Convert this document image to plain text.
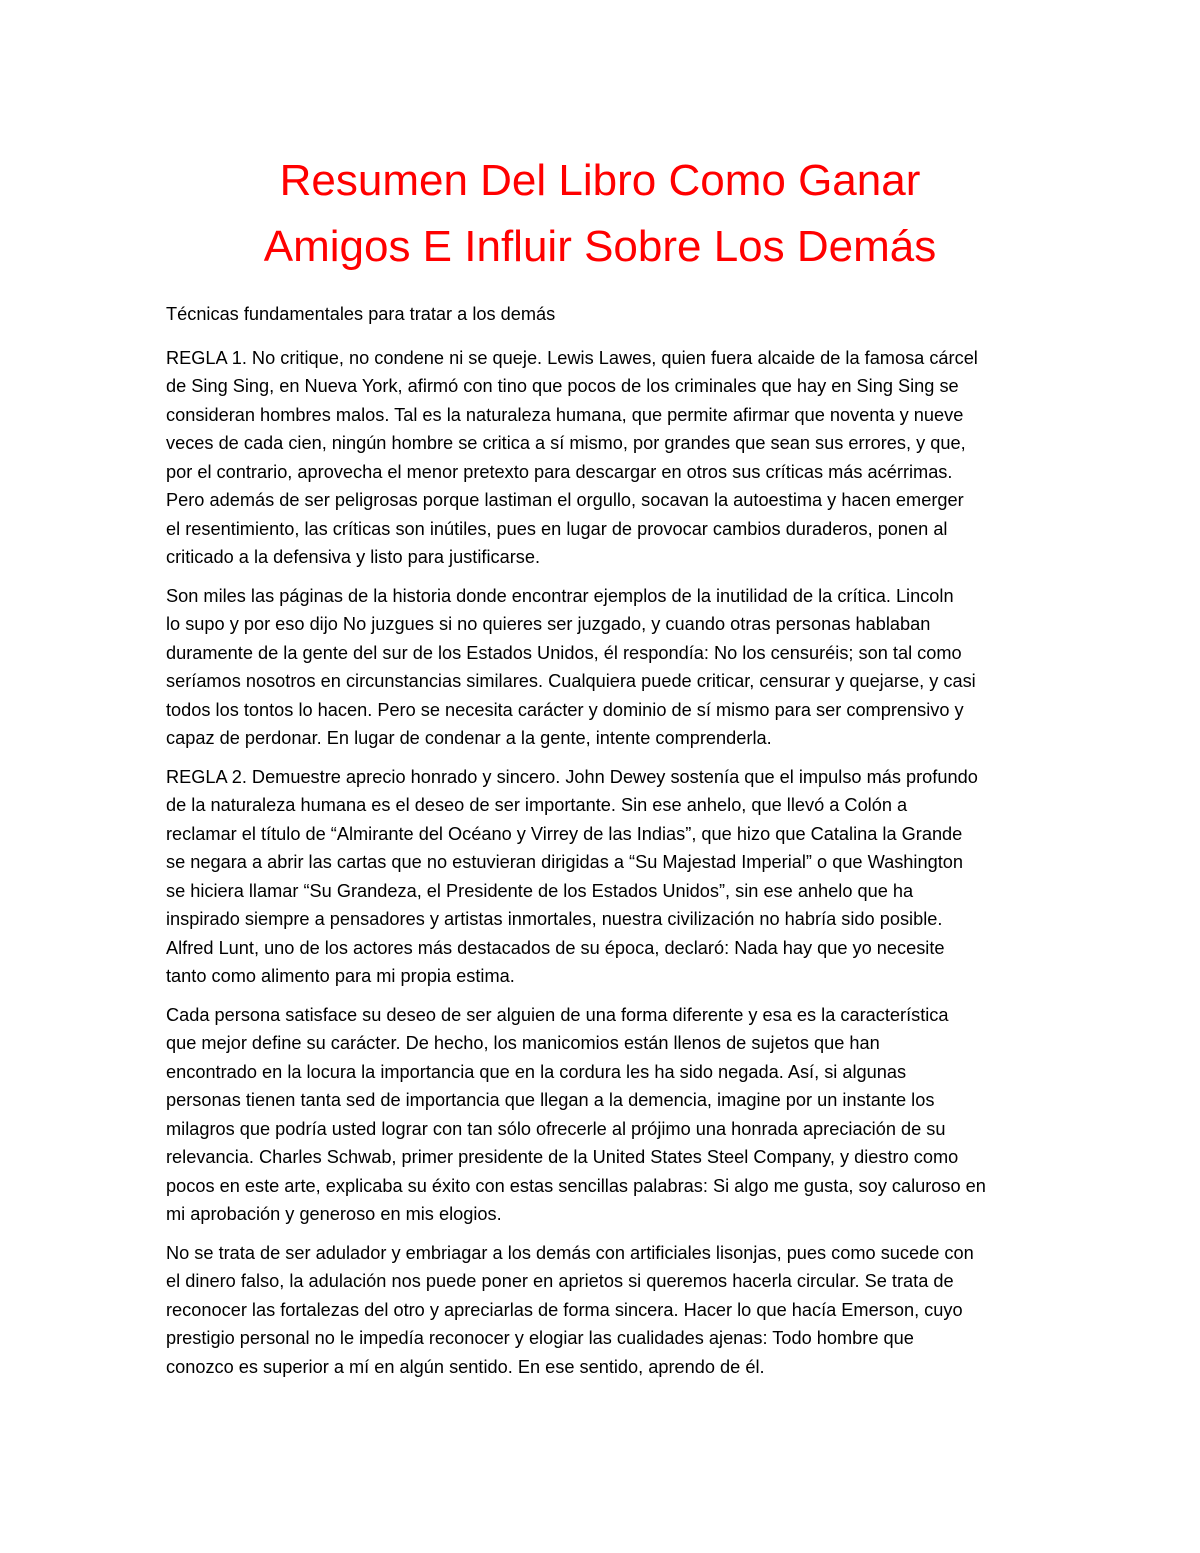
Resumen Del Libro Como Ganar
Amigos E Influir Sobre Los Demás

Técnicas fundamentales para tratar a los demás

REGLA 1. No critique, no condene ni se queje. Lewis Lawes, quien fuera alcaide de la famosa cárcel
de Sing Sing, en Nueva York, afirmó con tino que pocos de los criminales que hay en Sing Sing se
consideran hombres malos. Tal es la naturaleza humana, que permite afirmar que noventa y nueve
veces de cada cien, ningún hombre se critica a sí mismo, por grandes que sean sus errores, y que,
por el contrario, aprovecha el menor pretexto para descargar en otros sus críticas más acérrimas.
Pero además de ser peligrosas porque lastiman el orgullo, socavan la autoestima y hacen emerger
el resentimiento, las críticas son inútiles, pues en lugar de provocar cambios duraderos, ponen al
criticado a la defensiva y listo para justificarse.

Son miles las páginas de la historia donde encontrar ejemplos de la inutilidad de la crítica. Lincoln
lo supo y por eso dijo No juzgues si no quieres ser juzgado, y cuando otras personas hablaban
duramente de la gente del sur de los Estados Unidos, él respondía: No los censuréis; son tal como
seríamos nosotros en circunstancias similares. Cualquiera puede criticar, censurar y quejarse, y casi
todos los tontos lo hacen. Pero se necesita carácter y dominio de sí mismo para ser comprensivo y
capaz de perdonar. En lugar de condenar a la gente, intente comprenderla.

REGLA 2. Demuestre aprecio honrado y sincero. John Dewey sostenía que el impulso más profundo
de la naturaleza humana es el deseo de ser importante. Sin ese anhelo, que llevó a Colón a
reclamar el título de “Almirante del Océano y Virrey de las Indias”, que hizo que Catalina la Grande
se negara a abrir las cartas que no estuvieran dirigidas a “Su Majestad Imperial” o que Washington
se hiciera llamar “Su Grandeza, el Presidente de los Estados Unidos”, sin ese anhelo que ha
inspirado siempre a pensadores y artistas inmortales, nuestra civilización no habría sido posible.
Alfred Lunt, uno de los actores más destacados de su época, declaró: Nada hay que yo necesite
tanto como alimento para mi propia estima.

Cada persona satisface su deseo de ser alguien de una forma diferente y esa es la característica
que mejor define su carácter. De hecho, los manicomios están llenos de sujetos que han
encontrado en la locura la importancia que en la cordura les ha sido negada. Así, si algunas
personas tienen tanta sed de importancia que llegan a la demencia, imagine por un instante los
milagros que podría usted lograr con tan sólo ofrecerle al prójimo una honrada apreciación de su
relevancia. Charles Schwab, primer presidente de la United States Steel Company, y diestro como
pocos en este arte, explicaba su éxito con estas sencillas palabras: Si algo me gusta, soy caluroso en
mi aprobación y generoso en mis elogios.

No se trata de ser adulador y embriagar a los demás con artificiales lisonjas, pues como sucede con
el dinero falso, la adulación nos puede poner en aprietos si queremos hacerla circular. Se trata de
reconocer las fortalezas del otro y apreciarlas de forma sincera. Hacer lo que hacía Emerson, cuyo
prestigio personal no le impedía reconocer y elogiar las cualidades ajenas: Todo hombre que
conozco es superior a mí en algún sentido. En ese sentido, aprendo de él.
